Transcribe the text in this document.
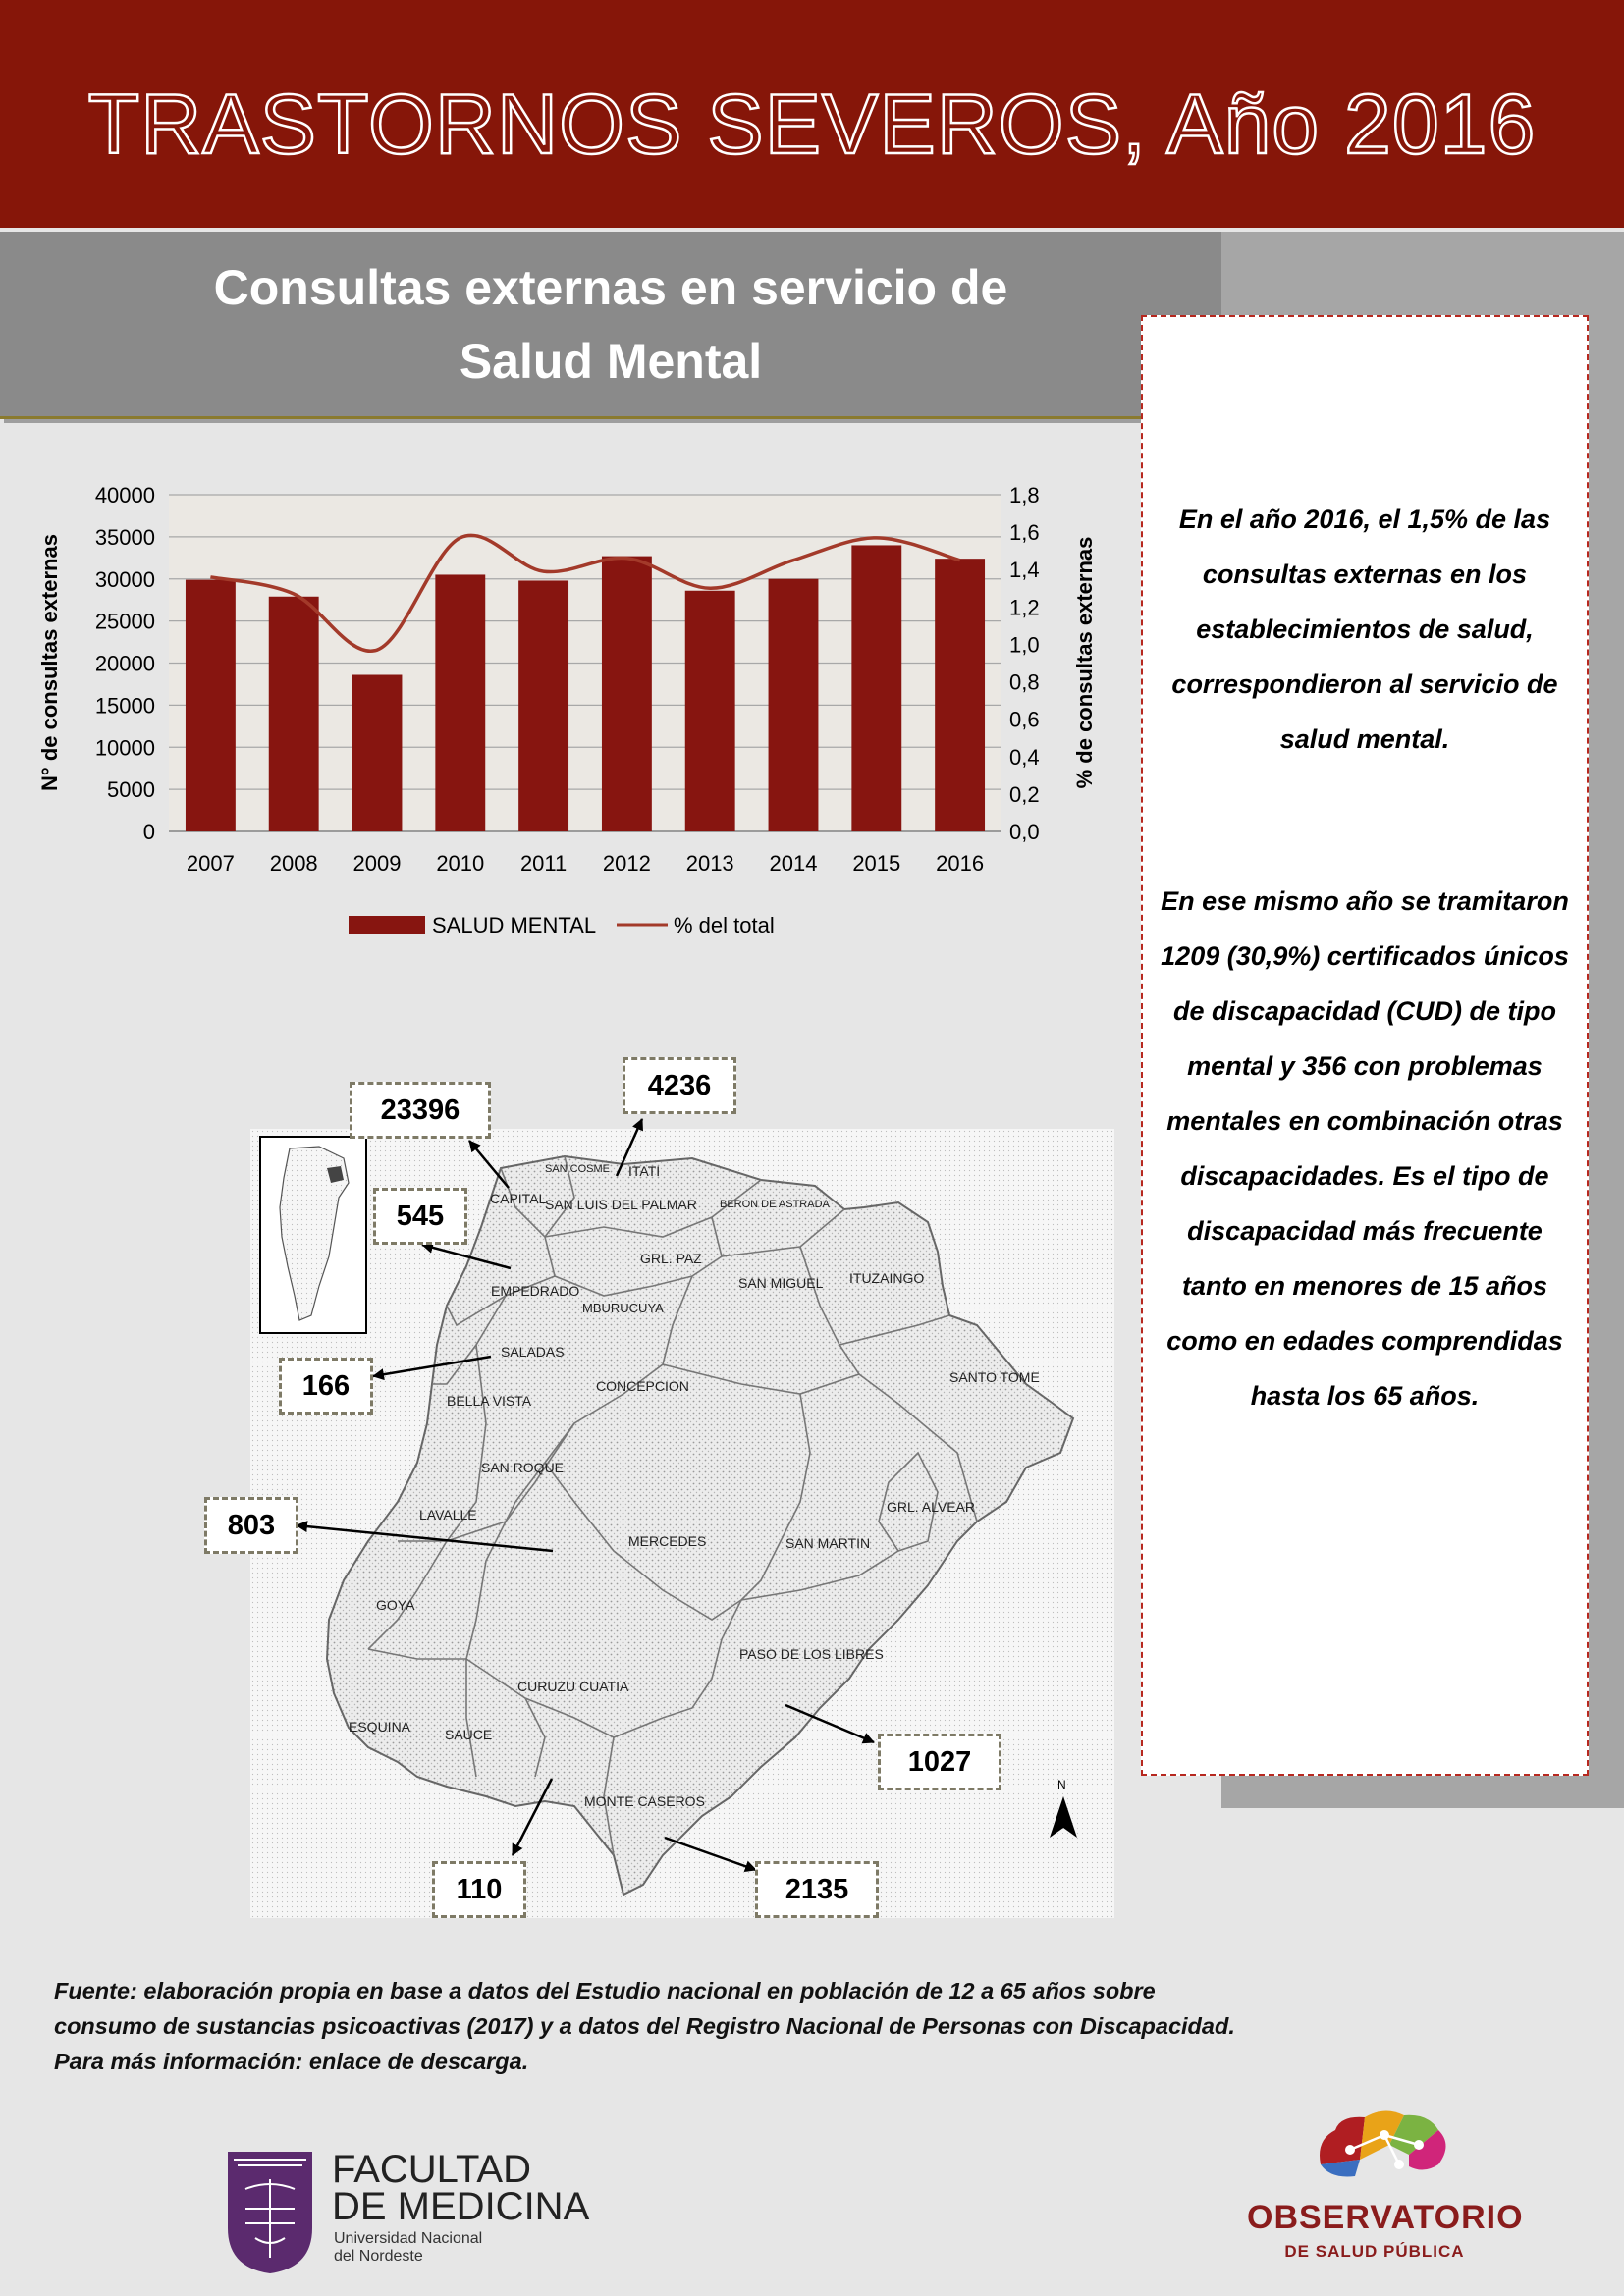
TRASTORNOS SEVEROS, Año 2016
Consultas externas en servicio de
Salud Mental
En el año 2016, el 1,5% de las
consultas externas en los
establecimientos de salud,
correspondieron al servicio de
salud mental.
En ese mismo año se tramitaron
1209 (30,9%) certificados únicos
de discapacidad (CUD) de tipo
mental y 356 con problemas
mentales en combinación otras
discapacidades. Es el tipo de
discapacidad más frecuente
tanto en menores de 15 años
como en edades comprendidas
hasta los 65 años.
0
5000
10000
15000
20000
25000
30000
35000
40000
0,0
0,2
0,4
0,6
0,8
1,0
1,2
1,4
1,6
1,8
2007 2008 2009 2010 2011 2012 2013 2014 2015 2016
N° de consultas externas	% de consultas externas
SALUD MENTAL	% del total
CAPITAL
SAN COSME ITATI
SAN LUIS DEL PALMAR BERON DE ASTRADA
GRL. PAZ
EMPEDRADO
MBURUCUYA
SAN MIGUEL ITUZAINGO
SALADAS
CONCEPCION
SANTO TOME
BELLA VISTA
SAN ROQUE
LAVALLE	GRL. ALVEAR
MERCEDES	SAN MARTIN
GOYA
PASO DE LOS LIBRES
CURUZU CUATIA
ESQUINA SAUCE
MONTE CASEROS
N
23396
4236
545
166
803
1027
110	2135
Fuente: elaboración propia en base a datos del Estudio nacional en población de 12 a 65 años sobre
consumo de sustancias psicoactivas (2017) y a datos del Registro Nacional de Personas con Discapacidad.
Para más información: enlace de descarga.
FACULTAD
DE MEDICINA
Universidad Nacional
del Nordeste
OBSERVATORIO
DE SALUD PÚBLICA
